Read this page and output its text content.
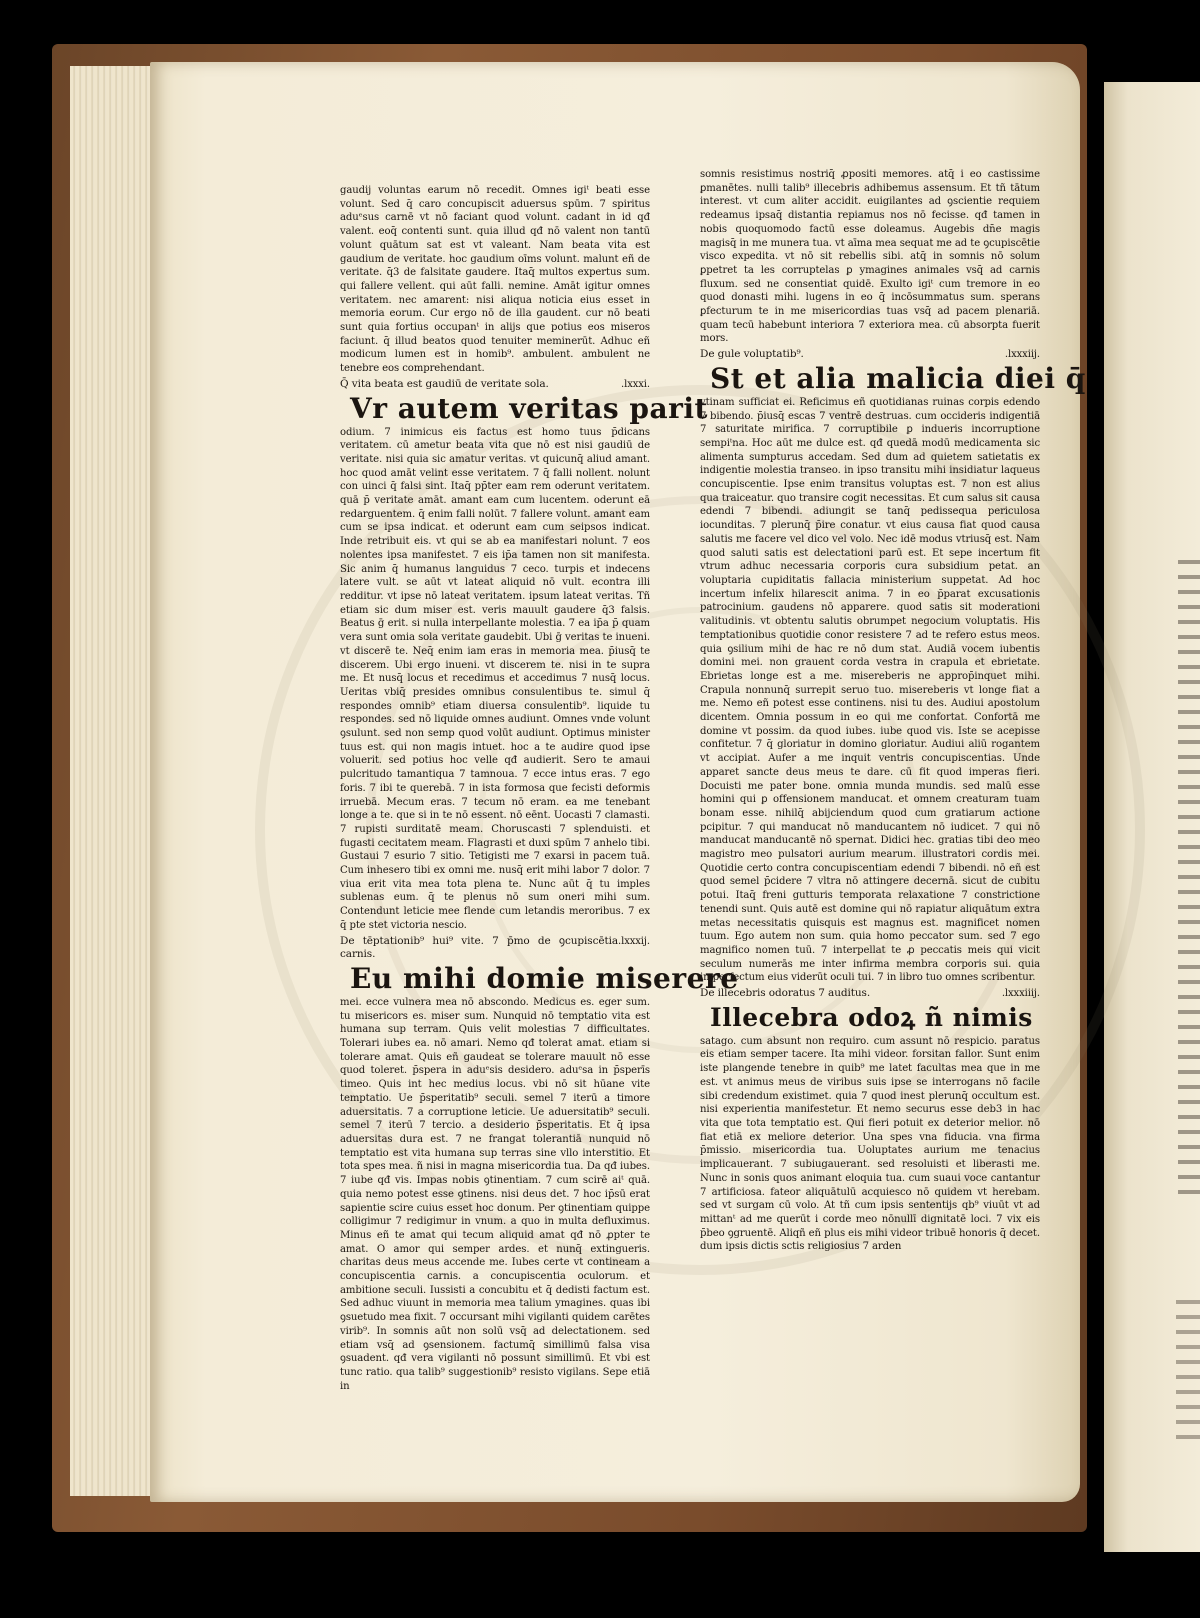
gaudij voluntas earum nō recedit. Omnes igiᵗ beati esse volunt. Sed q̄ caro concupiscit aduersus spūm. 7 spiritus aduᵉsus carnē vt nō faciant quod volunt. cadant in id qđ valent. eoq̄ contenti sunt. quia illud qđ nō valent non tantū volunt quātum sat est vt valeant. Nam beata vita est gaudium de veritate. hoc gaudium oīms volunt. malunt eñ de veritate. q̄3 de falsitate gaudere. Itaq̄ multos expertus sum. qui fallere vellent. qui aūt falli. nemine. Amāt igitur omnes veritatem. nec amarent: nisi aliqua noticia eius esset in memoria eorum. Cur ergo nō de illa gaudent. cur nō beati sunt quia fortius occupanᵗ in alijs que potius eos miseros faciunt. q̄ illud beatos quod tenuiter meminerūt. Adhuc eñ modicum lumen est in homib⁹. ambulent. ambulent ne tenebre eos comprehendant.

Q̄ vita beata est gaudiū de veritate sola.	.lxxxi.
Vr autem veritas parit

odium. 7 inimicus eis factus est homo tuus p̄dicans veritatem. cū ametur beata vita que nō est nisi gaudiū de veritate. nisi quia sic amatur veritas. vt quicunq̄ aliud amant. hoc quod amāt velint esse veritatem. 7 q̄ falli nollent. nolunt con uinci q̄ falsi sint. Itaq̄ pp̄ter eam rem oderunt veritatem. quā p̄ veritate amāt. amant eam cum lucentem. oderunt eā redarguentem. q̄ enim falli nolūt. 7 fallere volunt. amant eam cum se ipsa indicat. et oderunt eam cum seipsos indicat. Inde retribuit eis. vt qui se ab ea manifestari nolunt. 7 eos nolentes ipsa manifestet. 7 eis ip̄a tamen non sit manifesta. Sic anim q̄ humanus languidus 7 ceco. turpis et indecens latere vult. se aūt vt lateat aliquid nō vult. econtra illi redditur. vt ipse nō lateat veritatem. ipsum lateat veritas. Tñ etiam sic dum miser est. veris mauult gaudere q̄3 falsis. Beatus ḡ erit. si nulla interpellante molestia. 7 ea ip̄a p̄ quam vera sunt omia sola veritate gaudebit. Ubi ḡ veritas te inueni. vt discerē te. Neq̄ enim iam eras in memoria mea. p̄iusq̄ te discerem. Ubi ergo inueni. vt discerem te. nisi in te supra me. Et nusq̄ locus et recedimus et accedimus 7 nusq̄ locus. Ueritas vbiq̄ presides omnibus consulentibus te. simul q̄ respondes omnib⁹ etiam diuersa consulentib⁹. liquide tu respondes. sed nō liquide omnes audiunt. Omnes vnde volunt ꝯsulunt. sed non semp quod volūt audiunt. Optimus minister tuus est. qui non magis intuet. hoc a te audire quod ipse voluerit. sed potius hoc velle qđ audierit. Sero te amaui pulcritudo tamantiqua 7 tamnoua. 7 ecce intus eras. 7 ego foris. 7 ibi te querebā. 7 in ista formosa que fecisti deformis irruebā. Mecum eras. 7 tecum nō eram. ea me tenebant longe a te. que si in te nō essent. nō eēnt. Uocasti 7 clamasti. 7 rupisti surditatē meam. Choruscasti 7 splenduisti. et fugasti cecitatem meam. Flagrasti et duxi spūm 7 anhelo tibi. Gustaui 7 esurio 7 sitio. Tetigisti me 7 exarsi in pacem tuā. Cum inhesero tibi ex omni me. nusq̄ erit mihi labor 7 dolor. 7 viua erit vita mea tota plena te. Nunc aūt q̄ tu imples sublenas eum. q̄ te plenus nō sum oneri mihi sum. Contendunt leticie mee flende cum letandis meroribus. 7 ex q̄ pte stet victoria nescio.

De tēptationib⁹ hui⁹ vite. 7 p̄mo de ꝯcupiscētia carnis.
.lxxxij.
Eu mihi domie miserere

mei. ecce vulnera mea nō abscondo. Medicus es. eger sum. tu misericors es. miser sum. Nunquid nō temptatio vita est humana sup terram. Quis velit molestias 7 difficultates. Tolerari iubes ea. nō amari. Nemo qđ tolerat amat. etiam si tolerare amat. Quis eñ gaudeat se tolerare mauult nō esse quod toleret. p̄spera in aduᵉsis desidero. aduᵉsa in p̄sperīs timeo. Quis int hec medius locus. vbi nō sit hūane vite temptatio. Ue p̄speritatib⁹ seculi. semel 7 iterū a timore aduersitatis. 7 a corruptione leticie. Ue aduersitatib⁹ seculi. semel 7 iterū 7 tercio. a desiderio p̄speritatis. Et q̄ ipsa aduersitas dura est. 7 ne frangat tolerantiā nunquid nō temptatio est vita humana sup terras sine vllo interstitio. Et tota spes mea. ñ nisi in magna misericordia tua. Da qđ iubes. 7 iube qđ vis. Impas nobis ꝯtinentiam. 7 cum scirē aiᵗ quā. quia nemo potest esse ꝯtinens. nisi deus det. 7 hoc ip̄sū erat sapientie scire cuius esset hoc donum. Per ꝯtinentiam quippe colligimur 7 redigimur in vnum. a quo in multa defluximus. Minus eñ te amat qui tecum aliquid amat qđ nō ꝓpter te amat. O amor qui semper ardes. et nunq̄ extingueris. charitas deus meus accende me. Iubes certe vt contineam a concupiscentia carnis. a concupiscentia oculorum. et ambitione seculi. Iussisti a concubitu et q̄ dedisti factum est. Sed adhuc viuunt in memoria mea talium ymagines. quas ibi ꝯsuetudo mea fixit. 7 occursant mihi vigilanti quidem carētes virib⁹. In somnis aūt non solū vsq̄ ad delectationem. sed etiam vsq̄ ad ꝯsensionem. factumq̄ simillimū falsa visa ꝯsuadent. qđ vera vigilanti nō possunt simillimū. Et vbi est tunc ratio. qua talib⁹ suggestionib⁹ resisto vigilans. Sepe etiā in

somnis resistimus nostriq̄ ꝓpositi memores. atq̄ i eo castissime ꝑmanētes. nulli talib⁹ illecebris adhibemus assensum. Et tñ tātum interest. vt cum aliter accidit. euigilantes ad ꝯscientie requiem redeamus ipsaq̄ distantia repiamus nos nō fecisse. qđ tamen in nobis quoquomodo factū esse doleamus. Augebis dn̄e magis magisq̄ in me munera tua. vt aīma mea sequat me ad te ꝯcupiscētie visco expedita. vt nō sit rebellis sibi. atq̄ in somnis nō solum ꝑpetret ta les corruptelas ꝑ ymagines animales vsq̄ ad carnis fluxum. sed ne consentiat quidē. Exulto igiᵗ cum tremore in eo quod donasti mihi. lugens in eo q̄ incōsummatus sum. sperans ꝑfecturum te in me misericordias tuas vsq̄ ad pacem plenariā. quam tecū habebunt interiora 7 exteriora mea. cū absorpta fuerit mors.

De gule voluptatib⁹.	.lxxxiij.
St et alia malicia diei q̄

vtinam sufficiat ei. Reficimus eñ quotidianas ruinas corpis edendo 7 bibendo. p̄iusq̄ escas 7 ventrē destruas. cum occideris indigentiā 7 saturitate mirifica. 7 corruptibile ꝑ indueris incorruptione sempiᵗna. Hoc aūt me dulce est. qđ quedā modū medicamenta sic alimenta sumpturus accedam. Sed dum ad quietem satietatis ex indigentie molestia transeo. in ipso transitu mihi insidiatur laqueus concupiscentie. Ipse enim transitus voluptas est. 7 non est alius qua traiceatur. quo transire cogit necessitas. Et cum salus sit causa edendi 7 bibendi. adiungit se tanq̄ pedissequa periculosa iocunditas. 7 plerunq̄ p̄ire conatur. vt eius causa fiat quod causa salutis me facere vel dico vel volo. Nec idē modus vtriusq̄ est. Nam quod saluti satis est delectationi parū est. Et sepe incertum fit vtrum adhuc necessaria corporis cura subsidium petat. an voluptaria cupiditatis fallacia ministerium suppetat. Ad hoc incertum infelix hilarescit anima. 7 in eo p̄parat excusationis patrocinium. gaudens nō apparere. quod satis sit moderationi valitudinis. vt obtentu salutis obrumpet negocium voluptatis. His temptationibus quotidie conor resistere 7 ad te refero estus meos. quia ꝯsilium mihi de hac re nō dum stat. Audiā vocem iubentis domini mei. non grauent corda vestra in crapula et ebrietate. Ebrietas longe est a me. misereberis ne approp̄inquet mihi. Crapula nonnunq̄ surrepit seruo tuo. misereberis vt longe fiat a me. Nemo eñ potest esse continens. nisi tu des. Audiui apostolum dicentem. Omnia possum in eo qui me confortat. Confortā me domine vt possim. da quod iubes. iube quod vis. Iste se acepisse confitetur. 7 q̄ gloriatur in domino gloriatur. Audiui aliū rogantem vt accipiat. Aufer a me inquit ventris concupiscentias. Unde apparet sancte deus meus te dare. cū fit quod imperas fieri. Docuisti me pater bone. omnia munda mundis. sed malū esse homini qui ꝑ offensionem manducat. et omnem creaturam tuam bonam esse. nihilq̄ abijciendum quod cum gratiarum actione pcipitur. 7 qui manducat nō manducantem nō iudicet. 7 qui nō manducat manducantē nō spernat. Didici hec. gratias tibi deo meo magistro meo pulsatori aurium mearum. illustratori cordis mei. Quotidie certo contra concupiscentiam edendi 7 bibendi. nō eñ est quod semel p̄cidere 7 vltra nō attingere decernā. sicut de cubitu potui. Itaq̄ freni gutturis temporata relaxatione 7 constrictione tenendi sunt. Quis autē est domine qui nō rapiatur aliquātum extra metas necessitatis quisquis est magnus est. magnificet nomen tuum. Ego autem non sum. quia homo peccator sum. sed 7 ego magnifico nomen tuū. 7 interpellat te ꝓ peccatis meis qui vicit seculum numerās me inter infirma membra corporis sui. quia imperfectum eius viderūt oculi tui. 7 in libro tuo omnes scribentur.

De illecebris odoratus 7 auditus.	.lxxxiiij.
Illecebra odoꝝ ñ nimis

satago. cum absunt non requiro. cum assunt nō respicio. paratus eis etiam semper tacere. Ita mihi videor. forsitan fallor. Sunt enim iste plangende tenebre in quib⁹ me latet facultas mea que in me est. vt animus meus de viribus suis ipse se interrogans nō facile sibi credendum existimet. quia 7 quod inest plerunq̄ occultum est. nisi experientia manifestetur. Et nemo securus esse deb3 in hac vita que tota temptatio est. Qui fieri potuit ex deterior melior. nō fiat etiā ex meliore deterior. Una spes vna fiducia. vna firma p̄missio. misericordia tua. Uoluptates aurium me tenacius implicauerant. 7 subiugauerant. sed resoluisti et liberasti me. Nunc in sonis quos animant eloquia tua. cum suaui voce cantantur 7 artificiosa. fateor aliquātulū acquiesco nō quidem vt herebam. sed vt surgam cū volo. At tñ cum ipsis sententijs qb⁹ viuūt vt ad mittanᵗ ad me querūt i corde meo nōnullī dignitatē loci. 7 vix eis p̄beo ꝯgruentē. Aliqñ eñ plus eis mihi videor tribuē honoris q̄ decet. dum ipsis dictis sctis religiosius 7 arden
